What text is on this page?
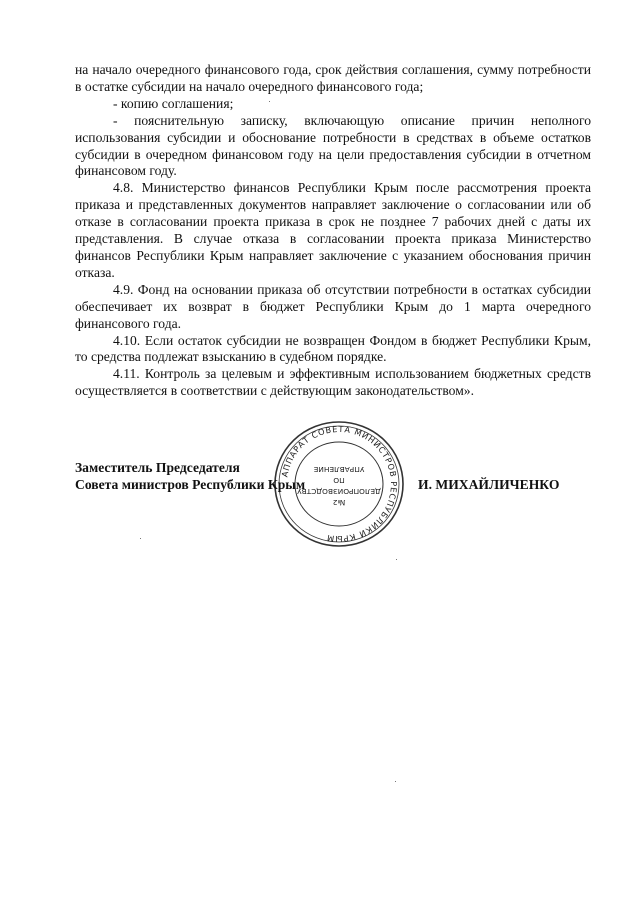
на начало очередного финансового года, срок действия соглашения, сумму потребности в остатке субсидии на начало очередного финансового года;

- копию соглашения;

- пояснительную записку, включающую описание причин неполного использования субсидии и обоснование потребности в средствах в объеме остатков субсидии в очередном финансовом году на цели предоставления субсидии в отчетном финансовом году.

4.8. Министерство финансов Республики Крым после рассмотрения проекта приказа и представленных документов направляет заключение о согласовании или об отказе в согласовании проекта приказа в срок не позднее 7 рабочих дней с даты их представления. В случае отказа в согласовании проекта приказа Министерство финансов Республики Крым направляет заключение с указанием обоснования причин отказа.

4.9. Фонд на основании приказа об отсутствии потребности в остатках субсидии обеспечивает их возврат в бюджет Республики Крым до 1 марта очередного финансового года.

4.10. Если остаток субсидии не возвращен Фондом в бюджет Республики Крым, то средства подлежат взысканию в судебном порядке.

4.11. Контроль за целевым и эффективным использованием бюджетных средств осуществляется в соответствии с действующим законодательством».

АППАРАТ СОВЕТА МИНИСТРОВ РЕСПУБЛИКИ КРЫМ
№2
ДЕЛОПРОИЗВОДСТВУ
ПО
УПРАВЛЕНИЕ
Заместитель Председателя
Совета министров Республики Крым	И. МИХАЙЛИЧЕНКО
